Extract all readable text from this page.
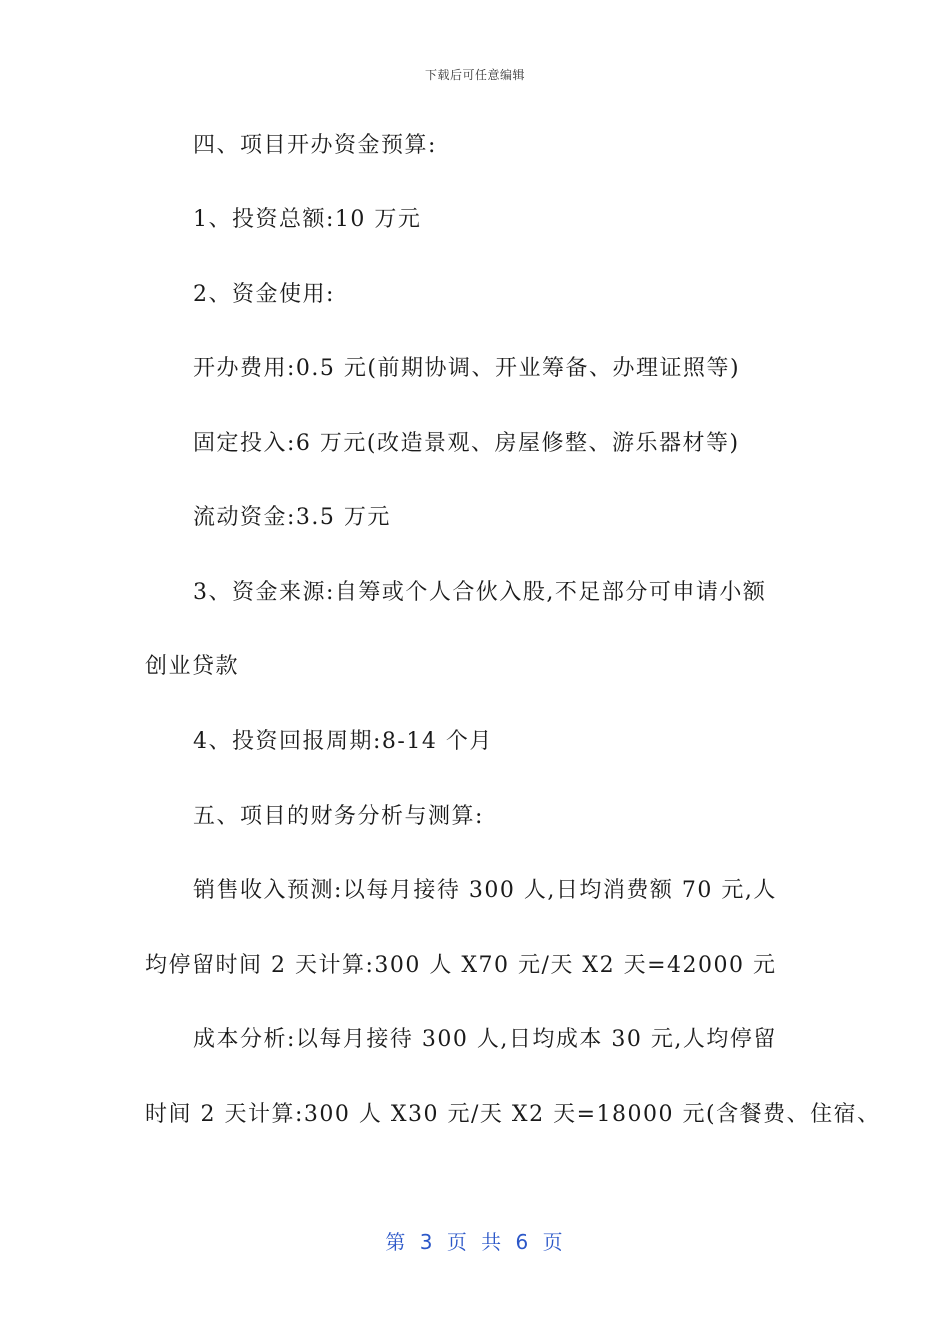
下载后可任意编辑
四、项目开办资金预算:
1、投资总额:10 万元
2、资金使用:
开办费用:0.5 元(前期协调、开业筹备、办理证照等)
固定投入:6 万元(改造景观、房屋修整、游乐器材等)
流动资金:3.5 万元
3、资金来源:自筹或个人合伙入股,不足部分可申请小额
创业贷款
4、投资回报周期:8-14 个月
五、项目的财务分析与测算:
销售收入预测:以每月接待 300 人,日均消费额 70 元,人
均停留时间 2 天计算:300 人 X70 元/天 X2 天=42000 元
成本分析:以每月接待 300 人,日均成本 30 元,人均停留
时间 2 天计算:300 人 X30 元/天 X2 天=18000 元(含餐费、住宿、
第 3 页 共 6 页
